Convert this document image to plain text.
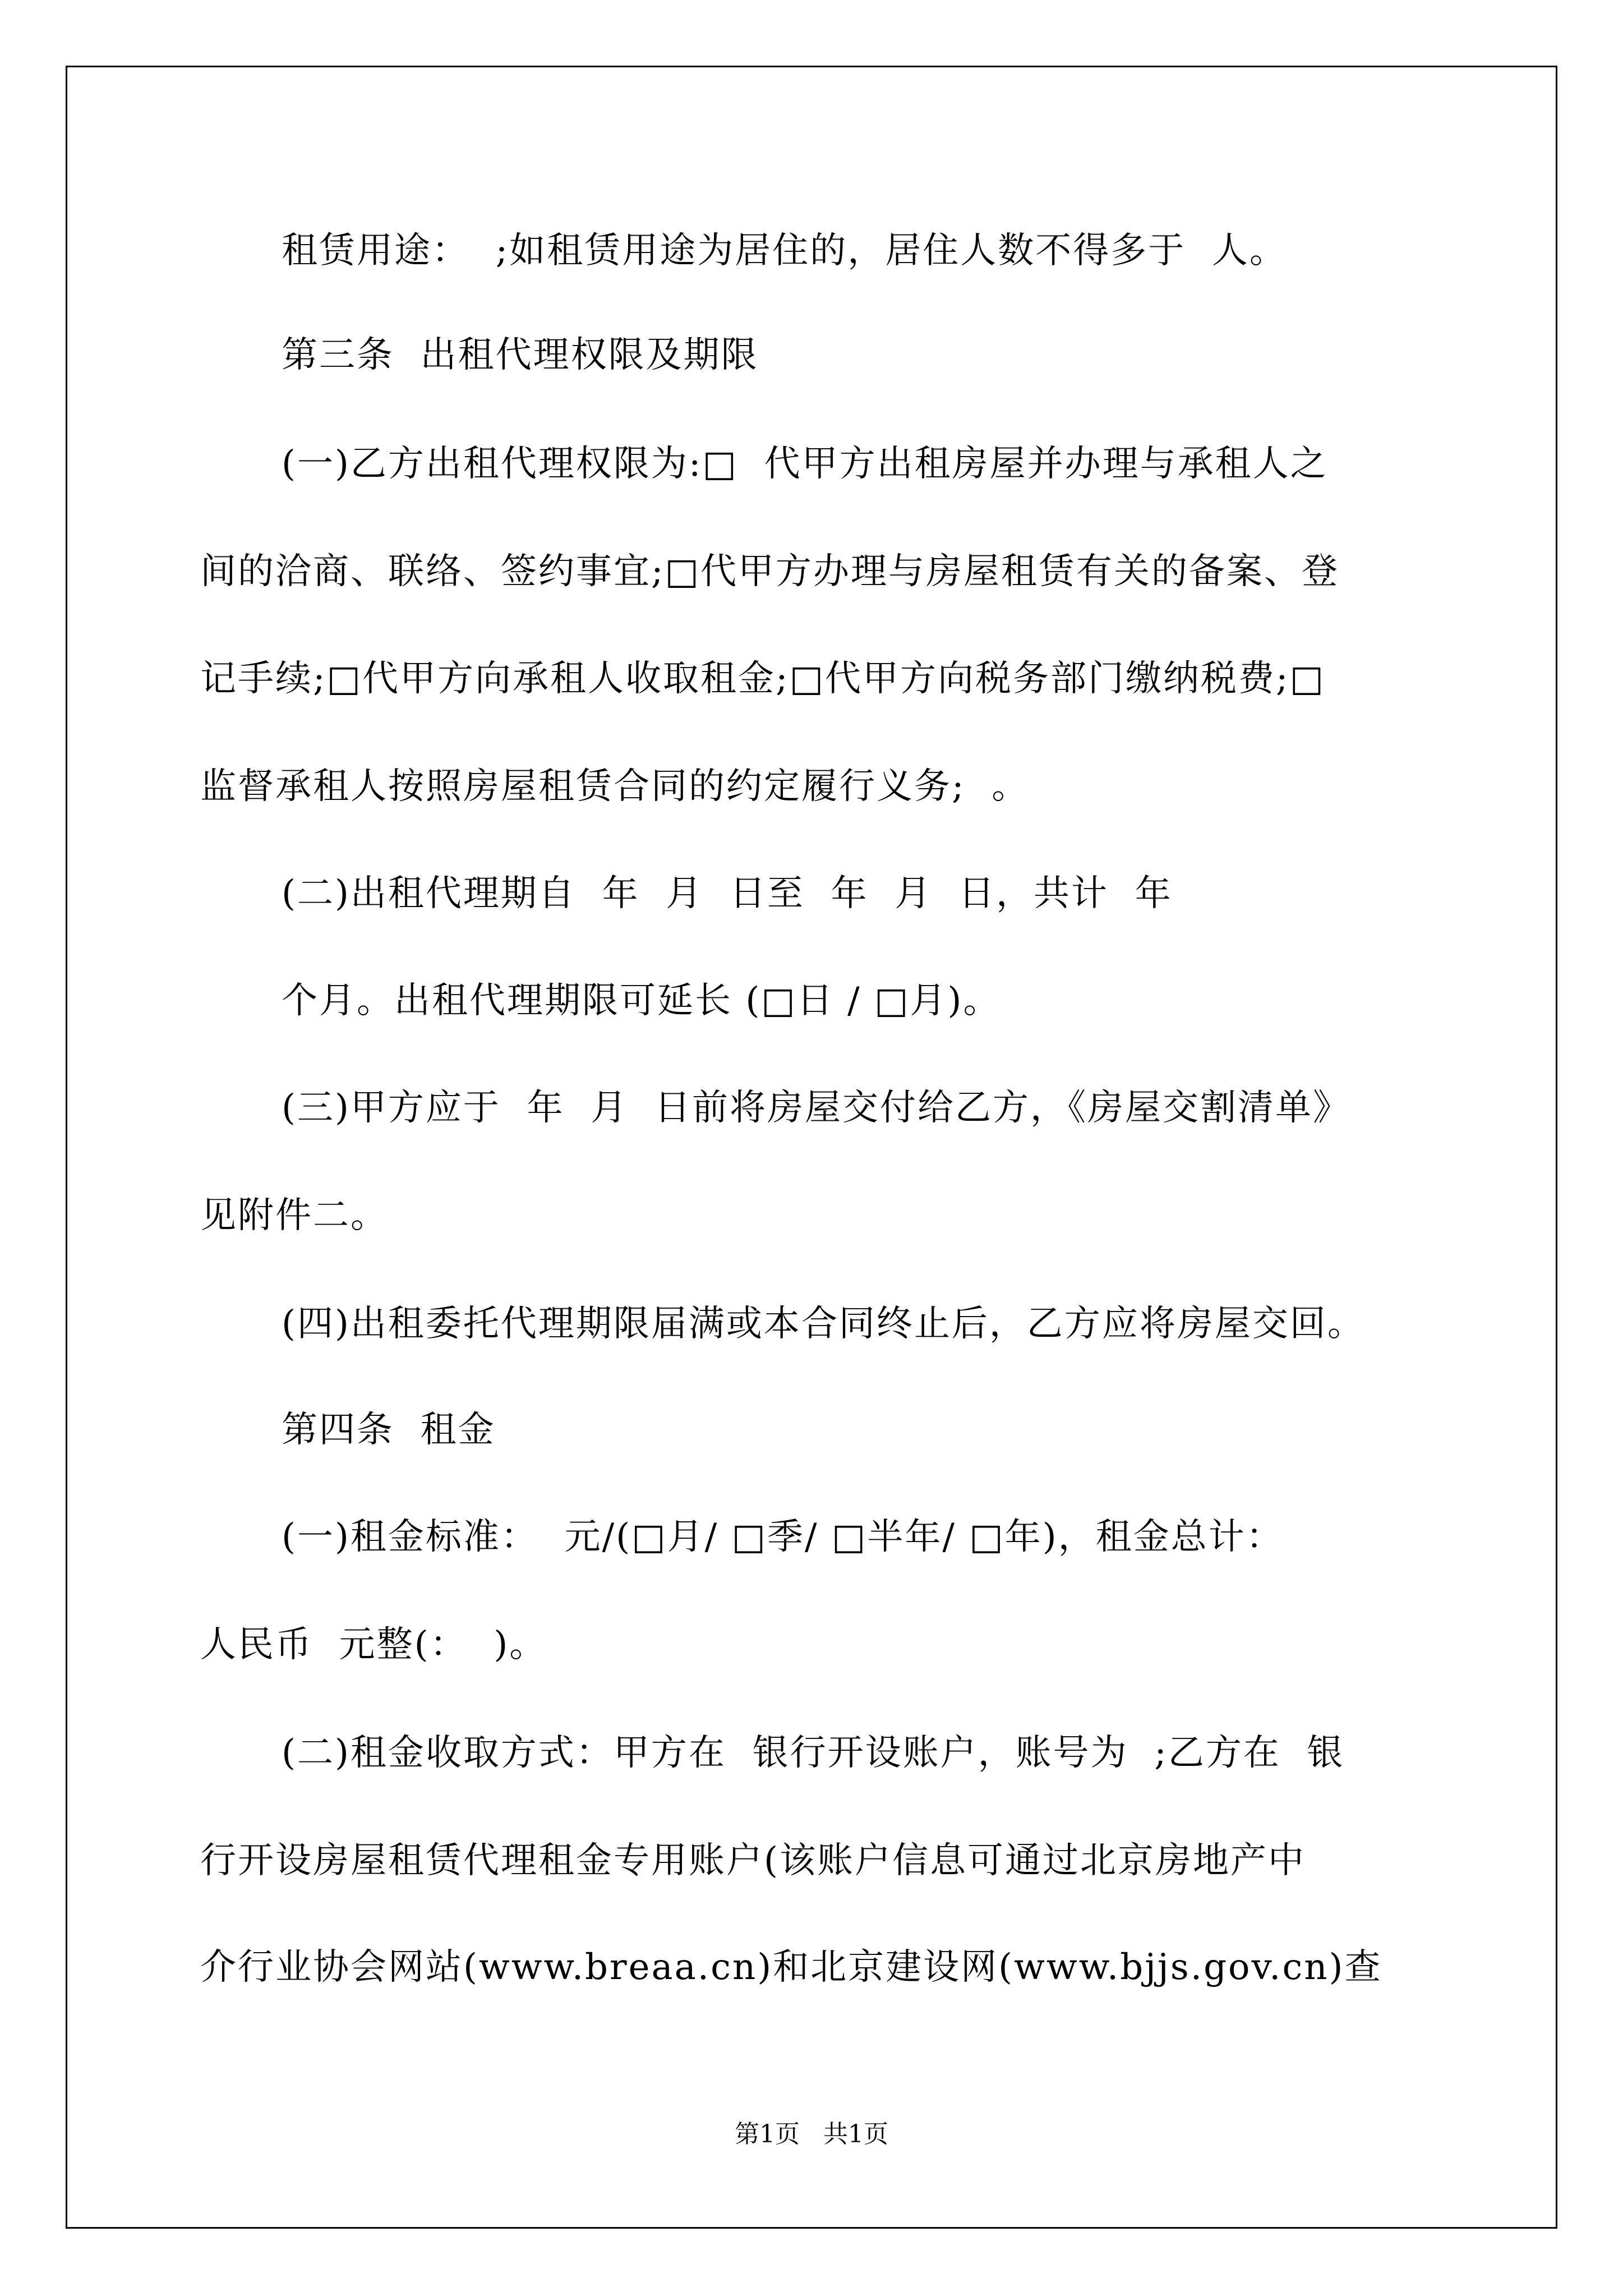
租赁用途：  ;如租赁用途为居住的，居住人数不得多于  人。
第三条  出租代理权限及期限
(一)乙方出租代理权限为:□  代甲方出租房屋并办理与承租人之
间的洽商、联络、签约事宜;□代甲方办理与房屋租赁有关的备案、登
记手续;□代甲方向承租人收取租金;□代甲方向税务部门缴纳税费;□
监督承租人按照房屋租赁合同的约定履行义务;  。
(二)出租代理期自  年  月  日至  年  月  日，共计  年
个月。出租代理期限可延长 (□日 / □月)。
(三)甲方应于  年  月  日前将房屋交付给乙方，《房屋交割清单》
见附件二。
(四)出租委托代理期限届满或本合同终止后，乙方应将房屋交回。
第四条  租金
(一)租金标准：  元/(□月/ □季/ □半年/ □年)，租金总计：
人民币  元整(：  )。
(二)租金收取方式：甲方在  银行开设账户，账号为  ;乙方在  银
行开设房屋租赁代理租金专用账户(该账户信息可通过北京房地产中
介行业协会网站(www.breaa.cn)和北京建设网(www.bjjs.gov.cn)查
第1页   共1页
